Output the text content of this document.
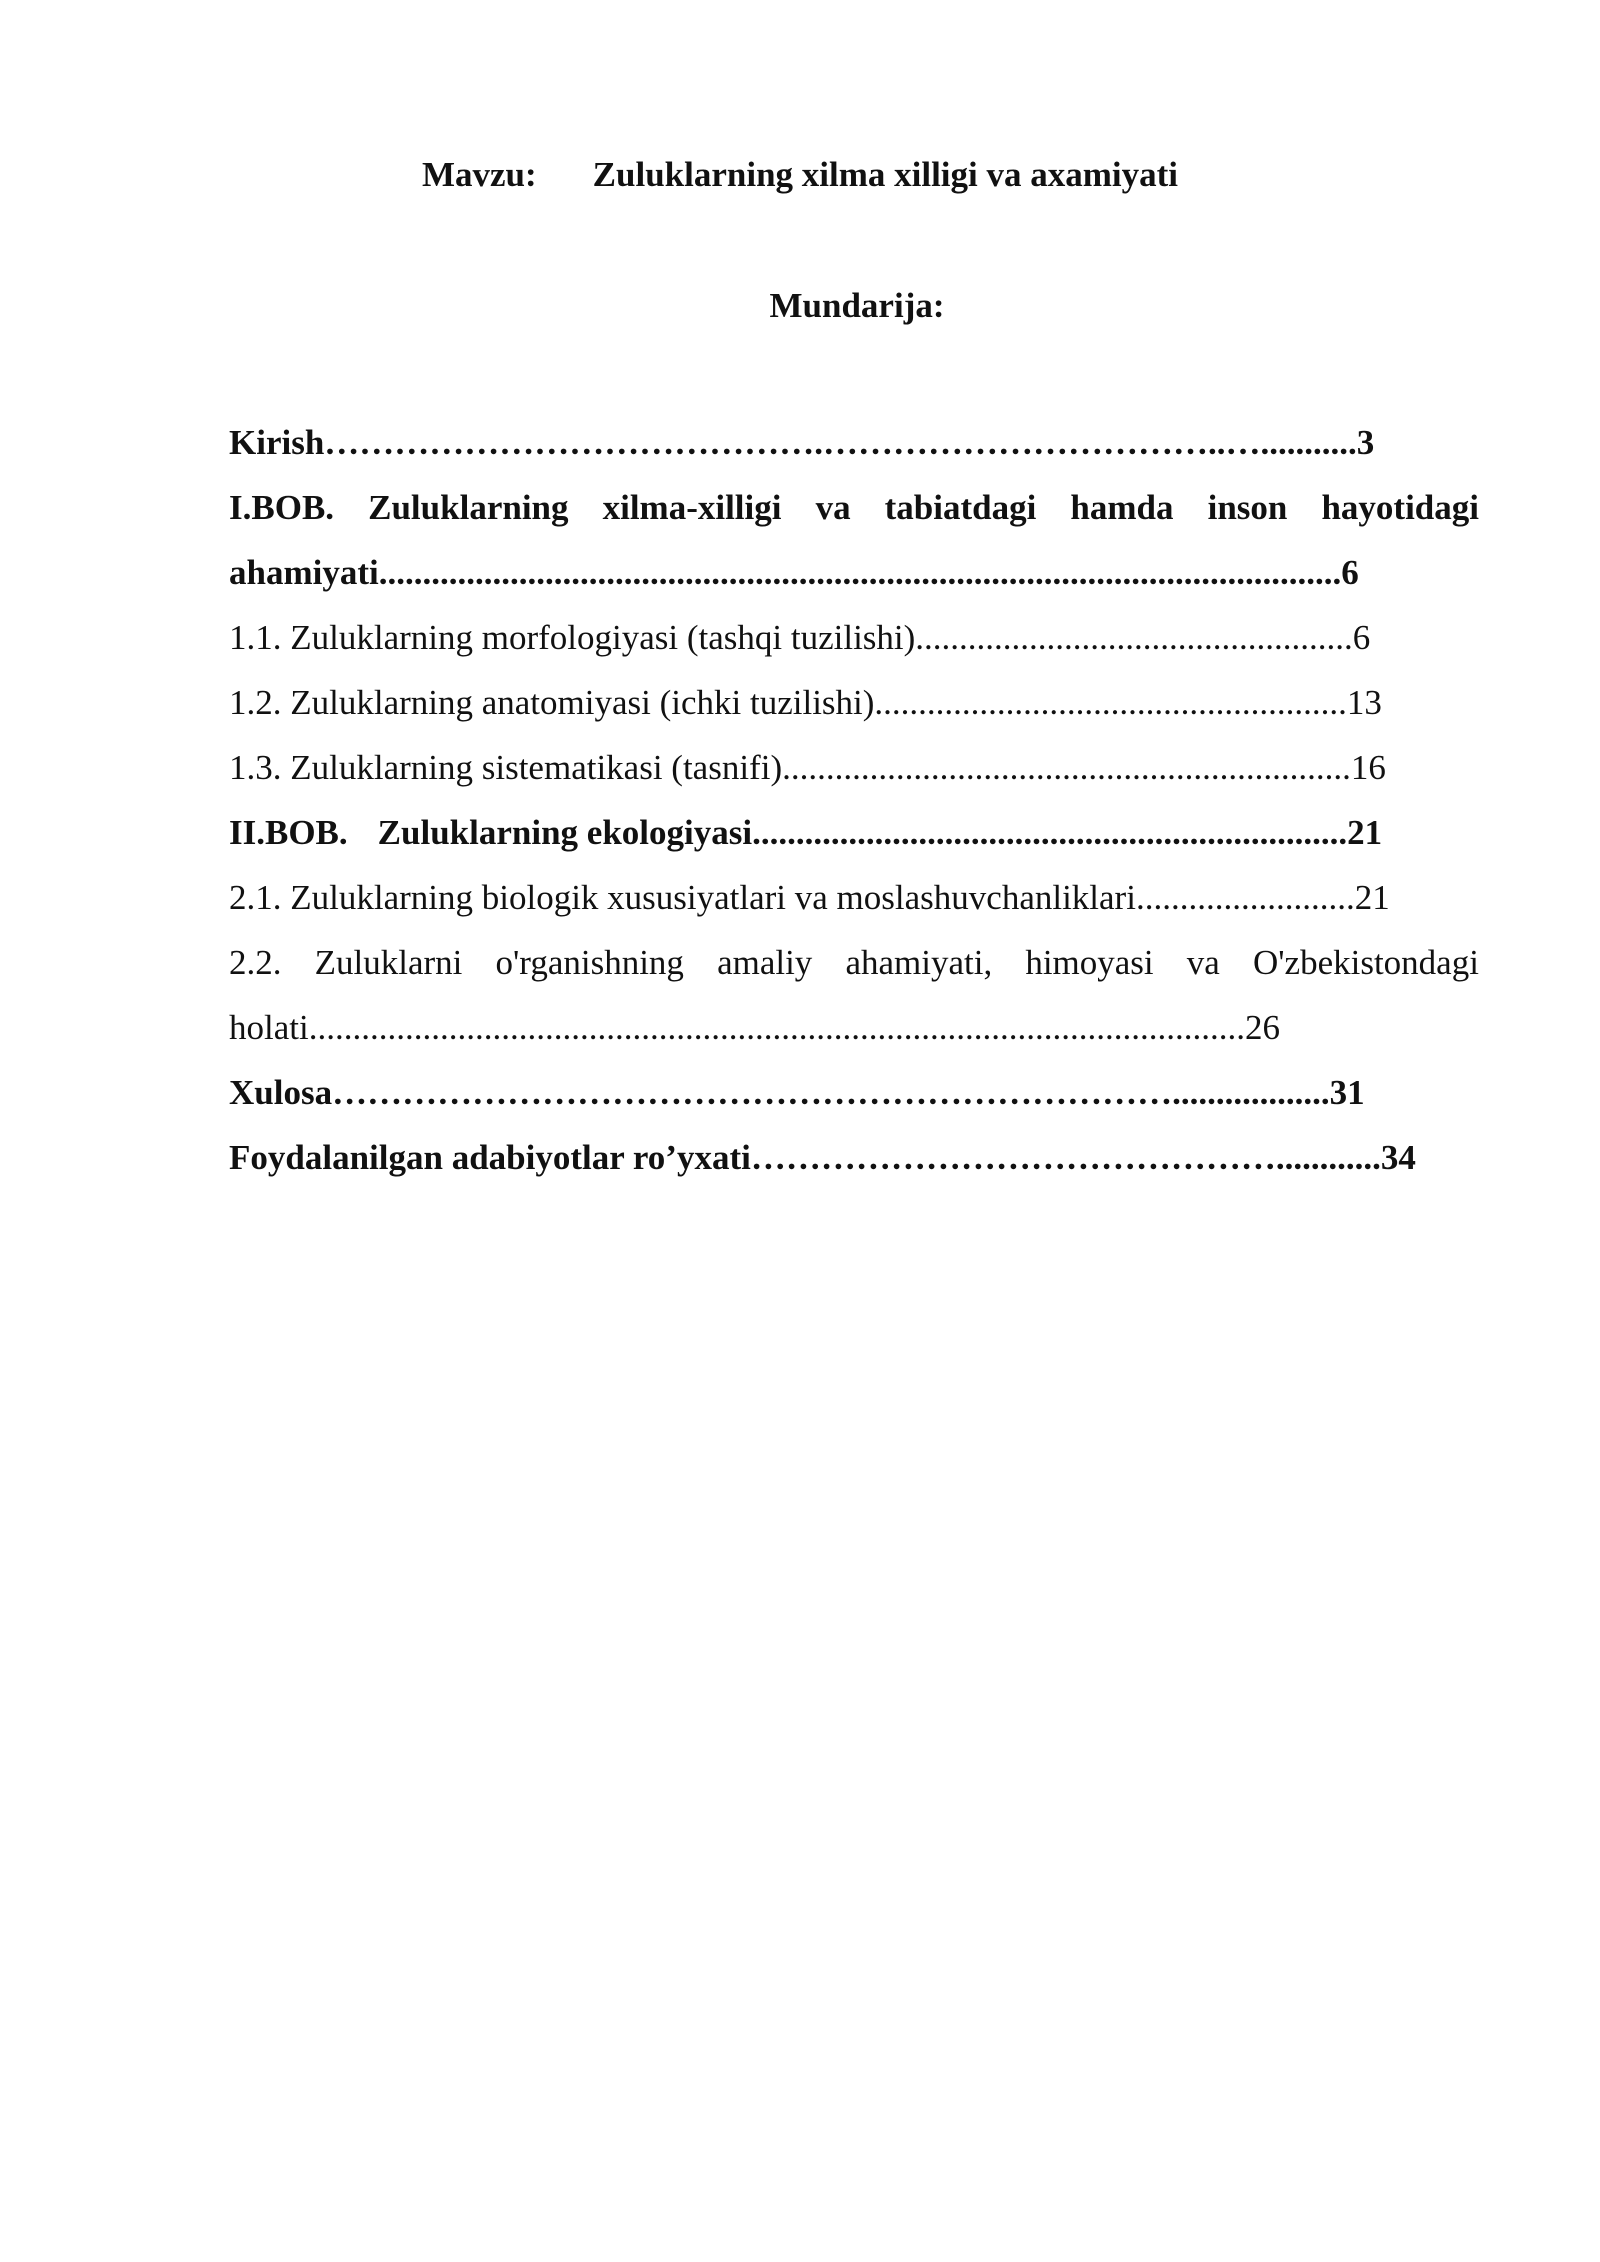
Mavzu: Zuluklarning xilma xilligi va axamiyati
Mundarija:
Kirish…………………………………….……………………………..…...........3
I.BOB. Zuluklarning xilma-xilligi va tabiatdagi hamda inson hayotidagi
ahamiyati..............................................................................................................6
1.1. Zuluklarning morfologiyasi (tashqi tuzilishi)..................................................6
1.2. Zuluklarning anatomiyasi (ichki tuzilishi)......................................................13
1.3. Zuluklarning sistematikasi (tasnifi).................................................................16
II.BOB. Zuluklarning ekologiyasi....................................................................21
2.1. Zuluklarning biologik xususiyatlari va moslashuvchanliklari.........................21
2.2. Zuluklarni o'rganishning amaliy ahamiyati, himoyasi va O'zbekistondagi
holati...........................................................................................................26
Xulosa………………………………………………………………..................31
Foydalanilgan adabiyotlar ro’yxati………………………………………............34
